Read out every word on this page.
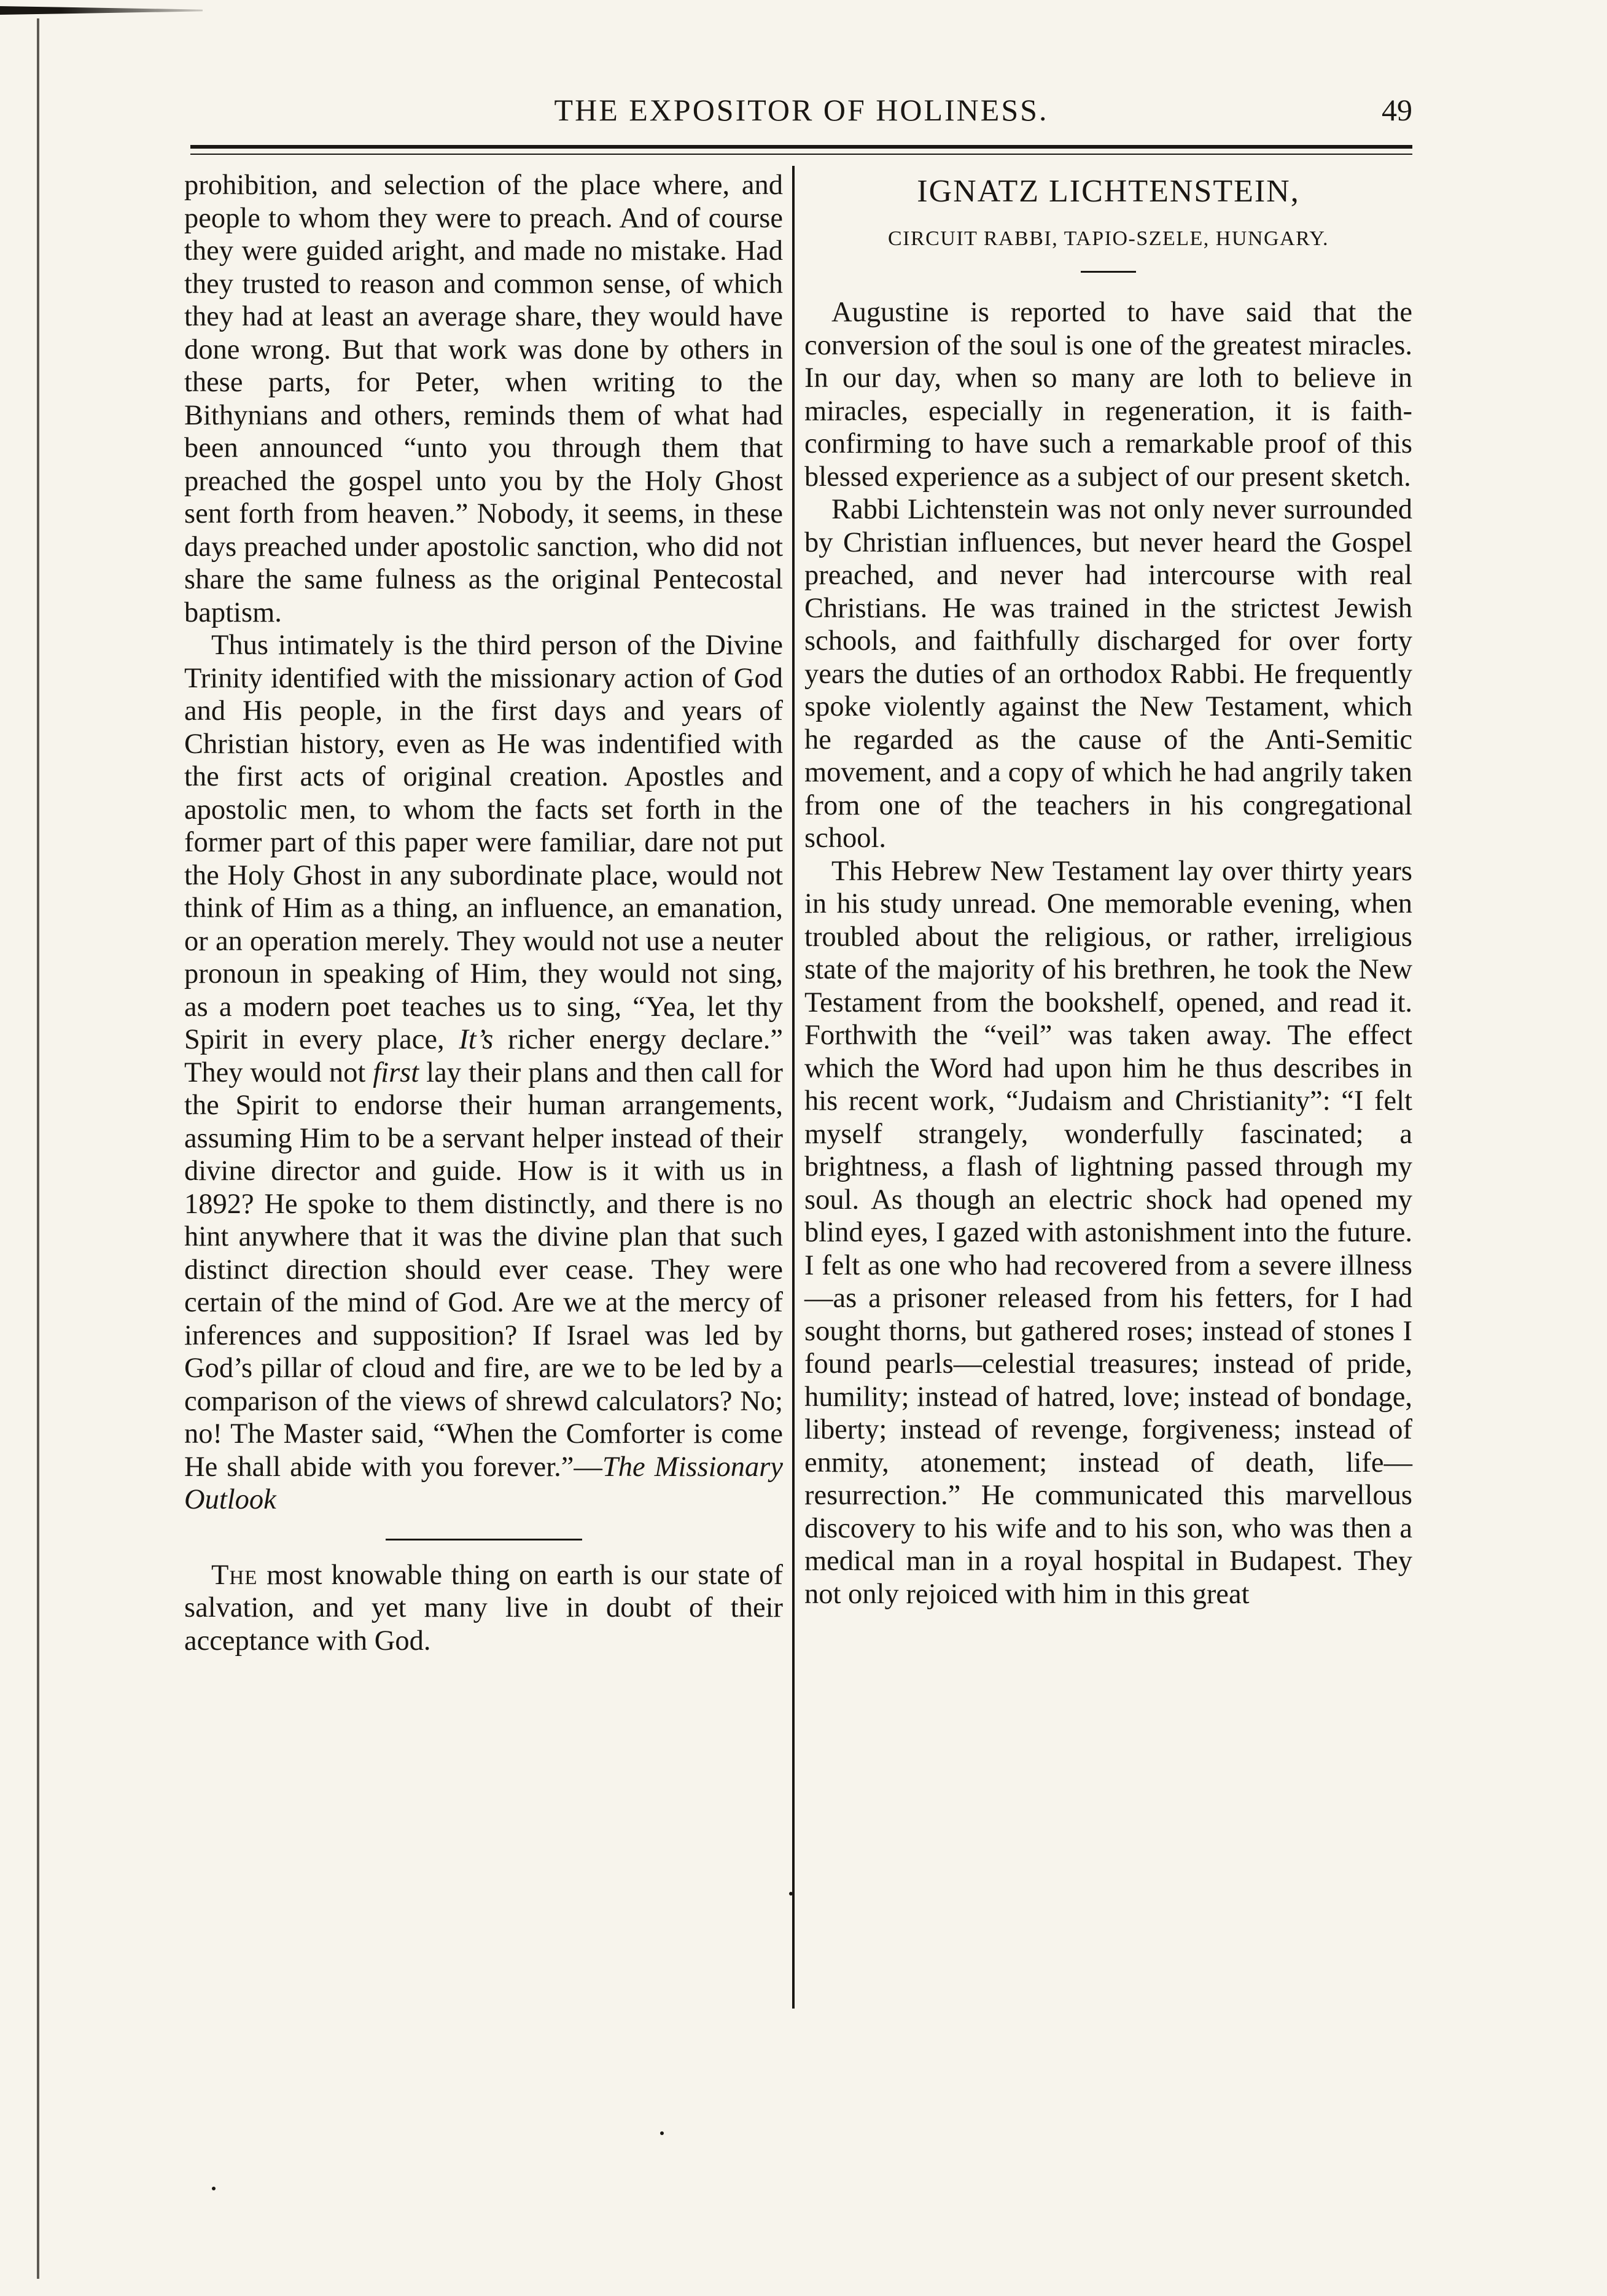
THE EXPOSITOR OF HOLINESS.	49

prohibition, and selection of the place where, and people to whom they were to preach. And of course they were guided aright, and made no mistake. Had they trusted to reason and common sense, of which they had at least an average share, they would have done wrong. But that work was done by others in these parts, for Peter, when writing to the Bithynians and others, reminds them of what had been announced “unto you through them that preached the gospel unto you by the Holy Ghost sent forth from heaven.” Nobody, it seems, in these days preached under apostolic sanction, who did not share the same fulness as the original Pentecostal baptism.

Thus intimately is the third person of the Divine Trinity identified with the missionary action of God and His people, in the first days and years of Christian history, even as He was indentified with the first acts of original creation. Apostles and apostolic men, to whom the facts set forth in the former part of this paper were familiar, dare not put the Holy Ghost in any subordinate place, would not think of Him as a thing, an influence, an emanation, or an operation merely. They would not use a neuter pronoun in speaking of Him, they would not sing, as a modern poet teaches us to sing, “Yea, let thy Spirit in every place, It’s richer energy declare.” They would not first lay their plans and then call for the Spirit to endorse their human arrangements, assuming Him to be a servant helper instead of their divine director and guide. How is it with us in 1892? He spoke to them distinctly, and there is no hint anywhere that it was the divine plan that such distinct direction should ever cease. They were certain of the mind of God. Are we at the mercy of inferences and supposition? If Israel was led by God’s pillar of cloud and fire, are we to be led by a comparison of the views of shrewd calculators? No; no! The Master said, “When the Comforter is come He shall abide with you forever.”—The Missionary Outlook

The most knowable thing on earth is our state of salvation, and yet many live in doubt of their acceptance with God.

IGNATZ LICHTENSTEIN,
CIRCUIT RABBI, TAPIO-SZELE, HUNGARY.

Augustine is reported to have said that the conversion of the soul is one of the greatest miracles. In our day, when so many are loth to believe in miracles, especially in regeneration, it is faith-confirming to have such a remarkable proof of this blessed experience as a subject of our present sketch.

Rabbi Lichtenstein was not only never surrounded by Christian influences, but never heard the Gospel preached, and never had intercourse with real Christians. He was trained in the strictest Jewish schools, and faithfully discharged for over forty years the duties of an orthodox Rabbi. He frequently spoke violently against the New Testament, which he regarded as the cause of the Anti-Semitic movement, and a copy of which he had angrily taken from one of the teachers in his congregational school.

This Hebrew New Testament lay over thirty years in his study unread. One memorable evening, when troubled about the religious, or rather, irreligious state of the majority of his brethren, he took the New Testament from the bookshelf, opened, and read it. Forthwith the “veil” was taken away. The effect which the Word had upon him he thus describes in his recent work, “Judaism and Christianity”: “I felt myself strangely, wonderfully fascinated; a brightness, a flash of lightning passed through my soul. As though an electric shock had opened my blind eyes, I gazed with astonishment into the future. I felt as one who had recovered from a severe illness—as a prisoner released from his fetters, for I had sought thorns, but gathered roses; instead of stones I found pearls—celestial treasures; instead of pride, humility; instead of hatred, love; instead of bondage, liberty; instead of revenge, forgiveness; instead of enmity, atonement; instead of death, life—resurrection.” He communicated this marvellous discovery to his wife and to his son, who was then a medical man in a royal hospital in Budapest. They not only rejoiced with him in this great
